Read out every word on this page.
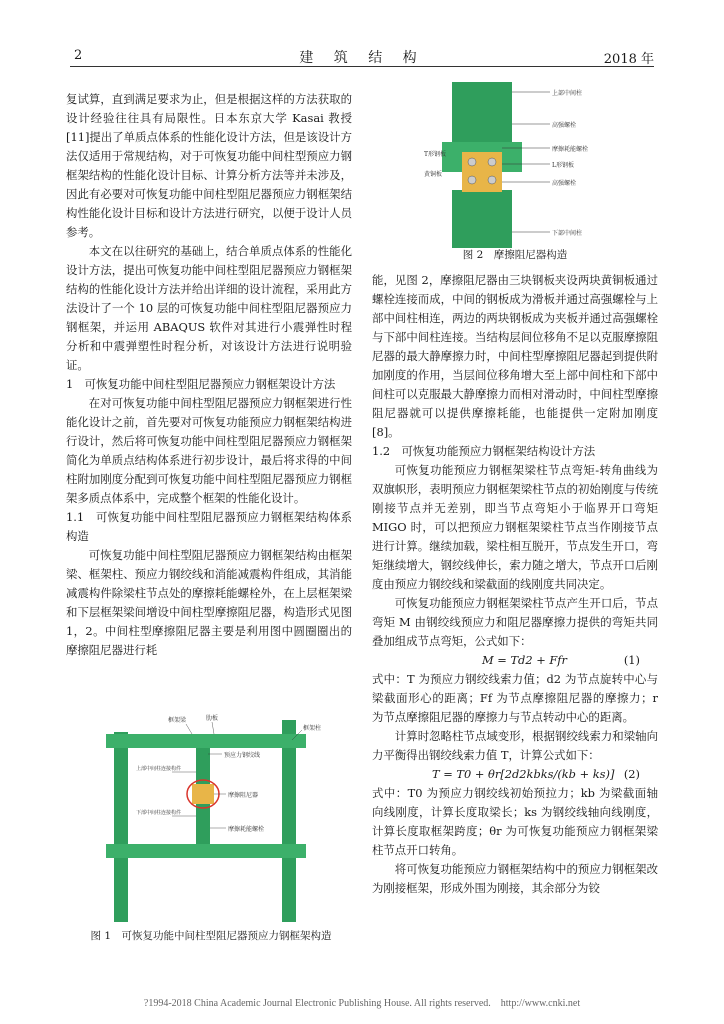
2	建 筑 结 构	2018 年

复试算，直到满足要求为止，但是根据这样的方法获取的设计经验往往具有局限性。日本东京大学 Kasai 教授[11]提出了单质点体系的性能化设计方法，但是该设计方法仅适用于常规结构，对于可恢复功能中间柱型预应力钢框架结构的性能化设计目标、计算分析方法等并未涉及，因此有必要对可恢复功能中间柱型阻尼器预应力钢框架结构性能化设计目标和设计方法进行研究，以便于设计人员参考。

本文在以往研究的基础上，结合单质点体系的性能化设计方法，提出可恢复功能中间柱型阻尼器预应力钢框架结构的性能化设计方法并给出详细的设计流程，采用此方法设计了一个 10 层的可恢复功能中间柱型阻尼器预应力钢框架，并运用 ABAQUS 软件对其进行小震弹性时程分析和中震弹塑性时程分析，对该设计方法进行说明验证。

1　可恢复功能中间柱型阻尼器预应力钢框架设计方法

在对可恢复功能中间柱型阻尼器预应力钢框架进行性能化设计之前，首先要对可恢复功能预应力钢框架结构进行设计，然后将可恢复功能中间柱型阻尼器预应力钢框架简化为单质点结构体系进行初步设计，最后将求得的中间柱附加刚度分配到可恢复功能中间柱型阻尼器预应力钢框架多质点体系中，完成整个框架的性能化设计。

1.1　可恢复功能中间柱型阻尼器预应力钢框架结构体系构造

可恢复功能中间柱型阻尼器预应力钢框架结构由框架梁、框架柱、预应力钢绞线和消能减震构件组成，其消能减震构件除梁柱节点处的摩擦耗能螺栓外，在上层框架梁和下层框架梁间增设中间柱型摩擦阻尼器，构造形式见图 1，2。中间柱型摩擦阻尼器主要是利用图中圆圈圈出的摩擦阻尼器进行耗

上部中间柱
高强螺栓
T形钢板
摩擦耗能螺栓
L形钢板
黄铜板
高强螺栓
下部中间柱
图 2　摩擦阻尼器构造

能，见图 2，摩擦阻尼器由三块钢板夹设两块黄铜板通过螺栓连接而成，中间的钢板成为滑板并通过高强螺栓与上部中间柱相连，两边的两块钢板成为夹板并通过高强螺栓与下部中间柱连接。当结构层间位移角不足以克服摩擦阻尼器的最大静摩擦力时，中间柱型摩擦阻尼器起到提供附加刚度的作用，当层间位移角增大至上部中间柱和下部中间柱可以克服最大静摩擦力而相对滑动时，中间柱型摩擦阻尼器就可以提供摩擦耗能，也能提供一定附加刚度[8]。

1.2　可恢复功能预应力钢框架结构设计方法

可恢复功能预应力钢框架梁柱节点弯矩-转角曲线为双旗帜形，表明预应力钢框架梁柱节点的初始刚度与传统刚接节点并无差别，即当节点弯矩小于临界开口弯矩 MIGO 时，可以把预应力钢框架梁柱节点当作刚接节点进行计算。继续加载，梁柱相互脱开，节点发生开口，弯矩继续增大，钢绞线伸长，索力随之增大，节点开口后刚度由预应力钢绞线和梁截面的线刚度共同决定。

可恢复功能预应力钢框架梁柱节点产生开口后，节点弯矩 M 由钢绞线预应力和阻尼器摩擦力提供的弯矩共同叠加组成节点弯矩，公式如下：

M = Td2 + Ffr	(1)

式中：T 为预应力钢绞线索力值；d2 为节点旋转中心与梁截面形心的距离；Ff 为节点摩擦阻尼器的摩擦力；r 为节点摩擦阻尼器的摩擦力与节点转动中心的距离。

计算时忽略柱节点域变形，根据钢绞线索力和梁轴向力平衡得出钢绞线索力值 T，计算公式如下：

T = T0 + θr[2d2kbks/(kb + ks)] (2)

式中：T0 为预应力钢绞线初始预拉力；kb 为梁截面轴向线刚度，计算长度取梁长；ks 为钢绞线轴向线刚度，计算长度取框架跨度；θr 为可恢复功能预应力钢框架梁柱节点开口转角。

将可恢复功能预应力钢框架结构中的预应力钢框架改为刚接框架，形成外围为刚接，其余部分为铰

框架梁	肋板
预应力钢绞线
框架柱
上部中间柱连接构件
摩擦阻尼器
下部中间柱连接构件
摩擦耗能螺栓
图 1　可恢复功能中间柱型阻尼器预应力钢框架构造
?1994-2018 China Academic Journal Electronic Publishing House. All rights reserved.　http://www.cnki.net
